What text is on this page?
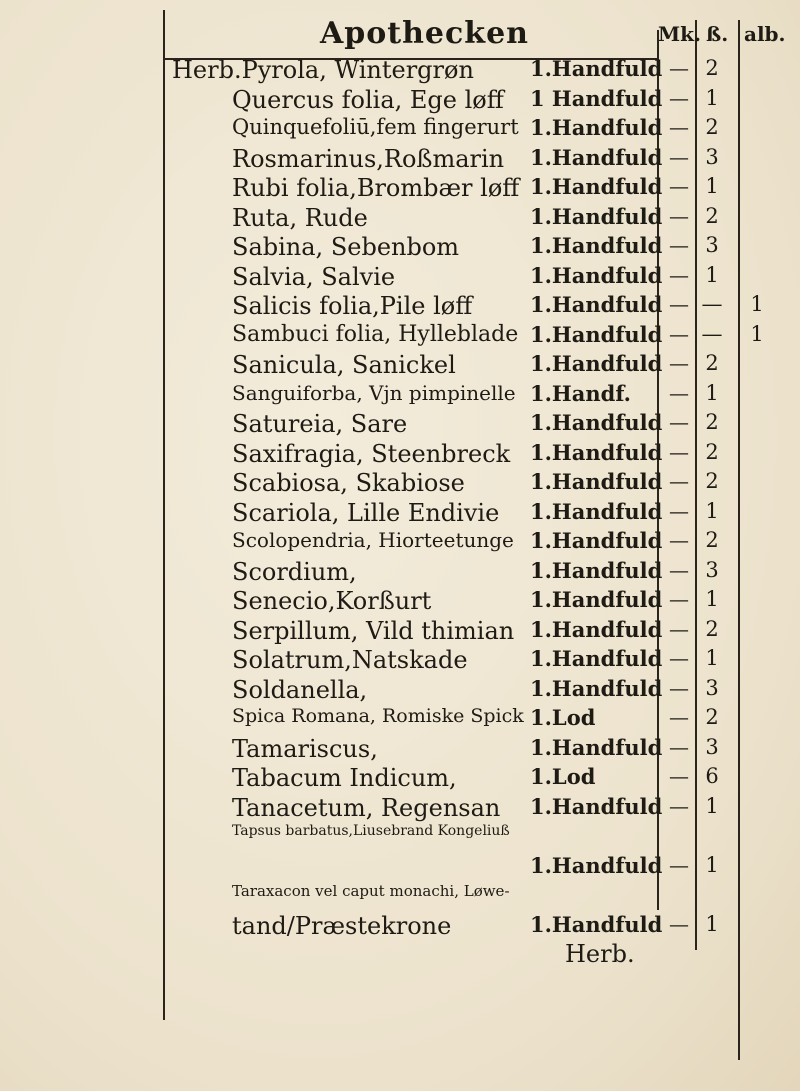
Apothecken	Mk. ß. alb.
Herb.Pyrola, Wintergrøn	1.Handfuld — 2
Quercus folia, Ege løff 1 Handfuld — 1
Quinquefoliū,fem fingerurt 1.Handfuld — 2
Rosmarinus,Roßmarin 1.Handfuld — 3
Rubi folia,Brombær løff 1.Handfuld — 1
Ruta, Rude	1.Handfuld — 2
Sabina, Sebenbom	1.Handfuld — 3
Salvia, Salvie	1.Handfuld — 1
Salicis folia,Pile løff	1.Handfuld — — 1
Sambuci folia, Hylleblade 1.Handfuld — — 1
Sanicula, Sanickel	1.Handfuld — 2
Sanguiforba, Vjn pimpinelle 1.Handf.	— 1
Satureia, Sare	1.Handfuld — 2
Saxifragia, Steenbreck 1.Handfuld — 2
Scabiosa, Skabiose	1.Handfuld — 2
Scariola, Lille Endivie 1.Handfuld — 1
Scolopendria, Hiorteetunge 1.Handfuld — 2
Scordium,	1.Handfuld — 3
Senecio,Korßurt	1.Handfuld — 1
Serpillum, Vild thimian 1.Handfuld — 2
Solatrum,Natskade	1.Handfuld — 1
Soldanella,	1.Handfuld — 3
Spica Romana, Romiske Spick 1.Lod	— 2
Tamariscus,	1.Handfuld — 3
Tabacum Indicum,	1.Lod	— 6
Tanacetum, Regensan 1.Handfuld — 1
Tapsus barbatus,Liusebrand Kongeliuß
1.Handfuld — 1
Taraxacon vel caput monachi, Løwe-
tand/Præstekrone	1.Handfuld — 1
Herb.
